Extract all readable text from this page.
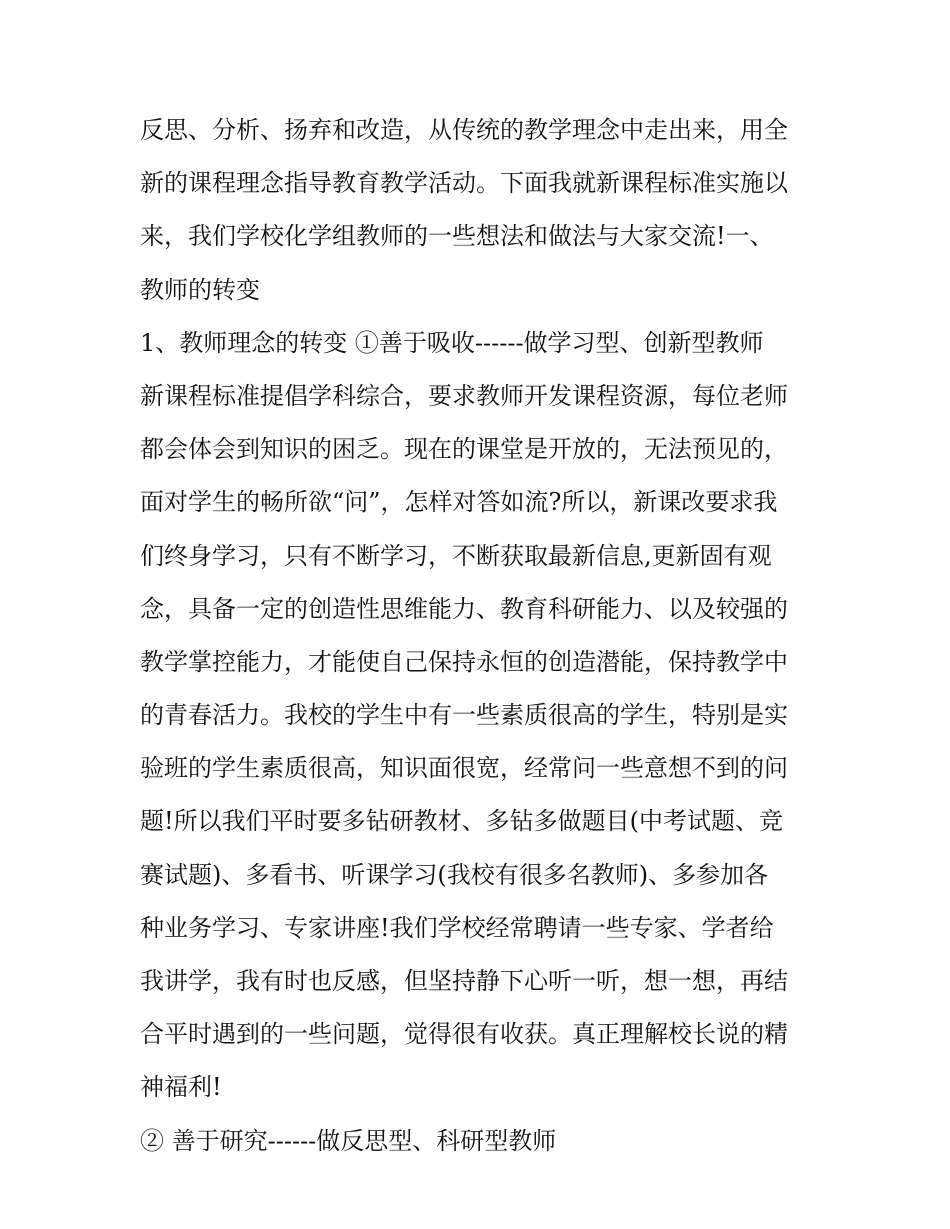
反思、分析、扬弃和改造，从传统的教学理念中走出来，用全
新的课程理念指导教育教学活动。下面我就新课程标准实施以
来，我们学校化学组教师的一些想法和做法与大家交流!一、
教师的转变
1、教师理念的转变 ①善于吸收------做学习型、创新型教师
新课程标准提倡学科综合，要求教师开发课程资源，每位老师
都会体会到知识的困乏。现在的课堂是开放的，无法预见的，
面对学生的畅所欲“问”，怎样对答如流?所以，新课改要求我
们终身学习，只有不断学习，不断获取最新信息,更新固有观
念，具备一定的创造性思维能力、教育科研能力、以及较强的
教学掌控能力，才能使自己保持永恒的创造潜能，保持教学中
的青春活力。我校的学生中有一些素质很高的学生，特别是实
验班的学生素质很高，知识面很宽，经常问一些意想不到的问
题!所以我们平时要多钻研教材、多钻多做题目(中考试题、竞
赛试题)、多看书、听课学习(我校有很多名教师)、多参加各
种业务学习、专家讲座!我们学校经常聘请一些专家、学者给
我讲学，我有时也反感，但坚持静下心听一听，想一想，再结
合平时遇到的一些问题，觉得很有收获。真正理解校长说的精
神福利!
② 善于研究------做反思型、科研型教师
